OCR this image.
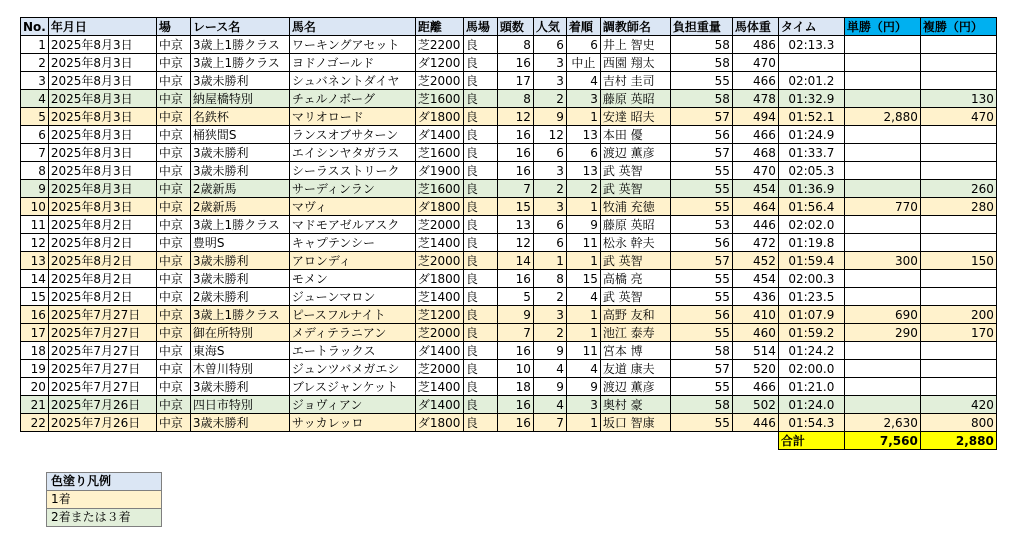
No.	年月日	場	レース名	馬名	距離	馬場	頭数	人気	着順	調教師名	負担重量	馬体重	タイム	単勝（円）	複勝（円）
1	2025年8月3日	中京	3歳上1勝クラス	ワーキングアセット	芝2200	良	8	6	6	井上 智史	58	486	02:13.3		
2	2025年8月3日	中京	3歳上1勝クラス	ヨドノゴールド	ダ1200	良	16	3	中止	西園 翔太	58	470			
3	2025年8月3日	中京	3歳未勝利	シュバネントダイヤ	芝2000	良	17	3	4	吉村 圭司	55	466	02:01.2		
4	2025年8月3日	中京	納屋橋特別	チェルノボーグ	芝1600	良	8	2	3	藤原 英昭	58	478	01:32.9		130
5	2025年8月3日	中京	名鉄杯	マリオロード	ダ1800	良	12	9	1	安達 昭夫	57	494	01:52.1	2,880	470
6	2025年8月3日	中京	桶狭間S	ランスオブサターン	ダ1400	良	16	12	13	本田 優	56	466	01:24.9		
7	2025年8月3日	中京	3歳未勝利	エイシンヤタガラス	芝1600	良	16	6	6	渡辺 薫彦	57	468	01:33.7		
8	2025年8月3日	中京	3歳未勝利	シーラスストリーク	ダ1900	良	16	3	13	武 英智	55	470	02:05.3		
9	2025年8月3日	中京	2歳新馬	サーディンラン	芝1600	良	7	2	2	武 英智	55	454	01:36.9		260
10	2025年8月3日	中京	2歳新馬	マヴィ	ダ1800	良	15	3	1	牧浦 充徳	55	464	01:56.4	770	280
11	2025年8月2日	中京	3歳上1勝クラス	マドモアゼルアスク	芝2000	良	13	6	9	藤原 英昭	53	446	02:02.0		
12	2025年8月2日	中京	豊明S	キャプテンシー	芝1400	良	12	6	11	松永 幹夫	56	472	01:19.8		
13	2025年8月2日	中京	3歳未勝利	アロンディ	芝2000	良	14	1	1	武 英智	57	452	01:59.4	300	150
14	2025年8月2日	中京	3歳未勝利	モメン	ダ1800	良	16	8	15	高橋 亮	55	454	02:00.3		
15	2025年8月2日	中京	2歳未勝利	ジューンマロン	芝1400	良	5	2	4	武 英智	55	436	01:23.5		
16	2025年7月27日	中京	3歳上1勝クラス	ピースフルナイト	芝1200	良	9	3	1	高野 友和	56	410	01:07.9	690	200
17	2025年7月27日	中京	御在所特別	メディテラニアン	芝2000	良	7	2	1	池江 泰寿	55	460	01:59.2	290	170
18	2025年7月27日	中京	東海S	エートラックス	ダ1400	良	16	9	11	宮本 博	58	514	01:24.2		
19	2025年7月27日	中京	木曽川特別	ジュンツバメガエシ	芝2000	良	10	4	4	友道 康夫	57	520	02:00.0		
20	2025年7月27日	中京	3歳未勝利	ブレスジャンケット	芝1400	良	18	9	9	渡辺 薫彦	55	466	01:21.0		
21	2025年7月26日	中京	四日市特別	ジョヴィアン	ダ1400	良	16	4	3	奥村 豪	58	502	01:24.0		420
22	2025年7月26日	中京	3歳未勝利	サッカレッロ	ダ1800	良	16	7	1	坂口 智康	55	446	01:54.3	2,630	800
													合計	7,560	2,880
色塗り凡例
1着
2着または３着
